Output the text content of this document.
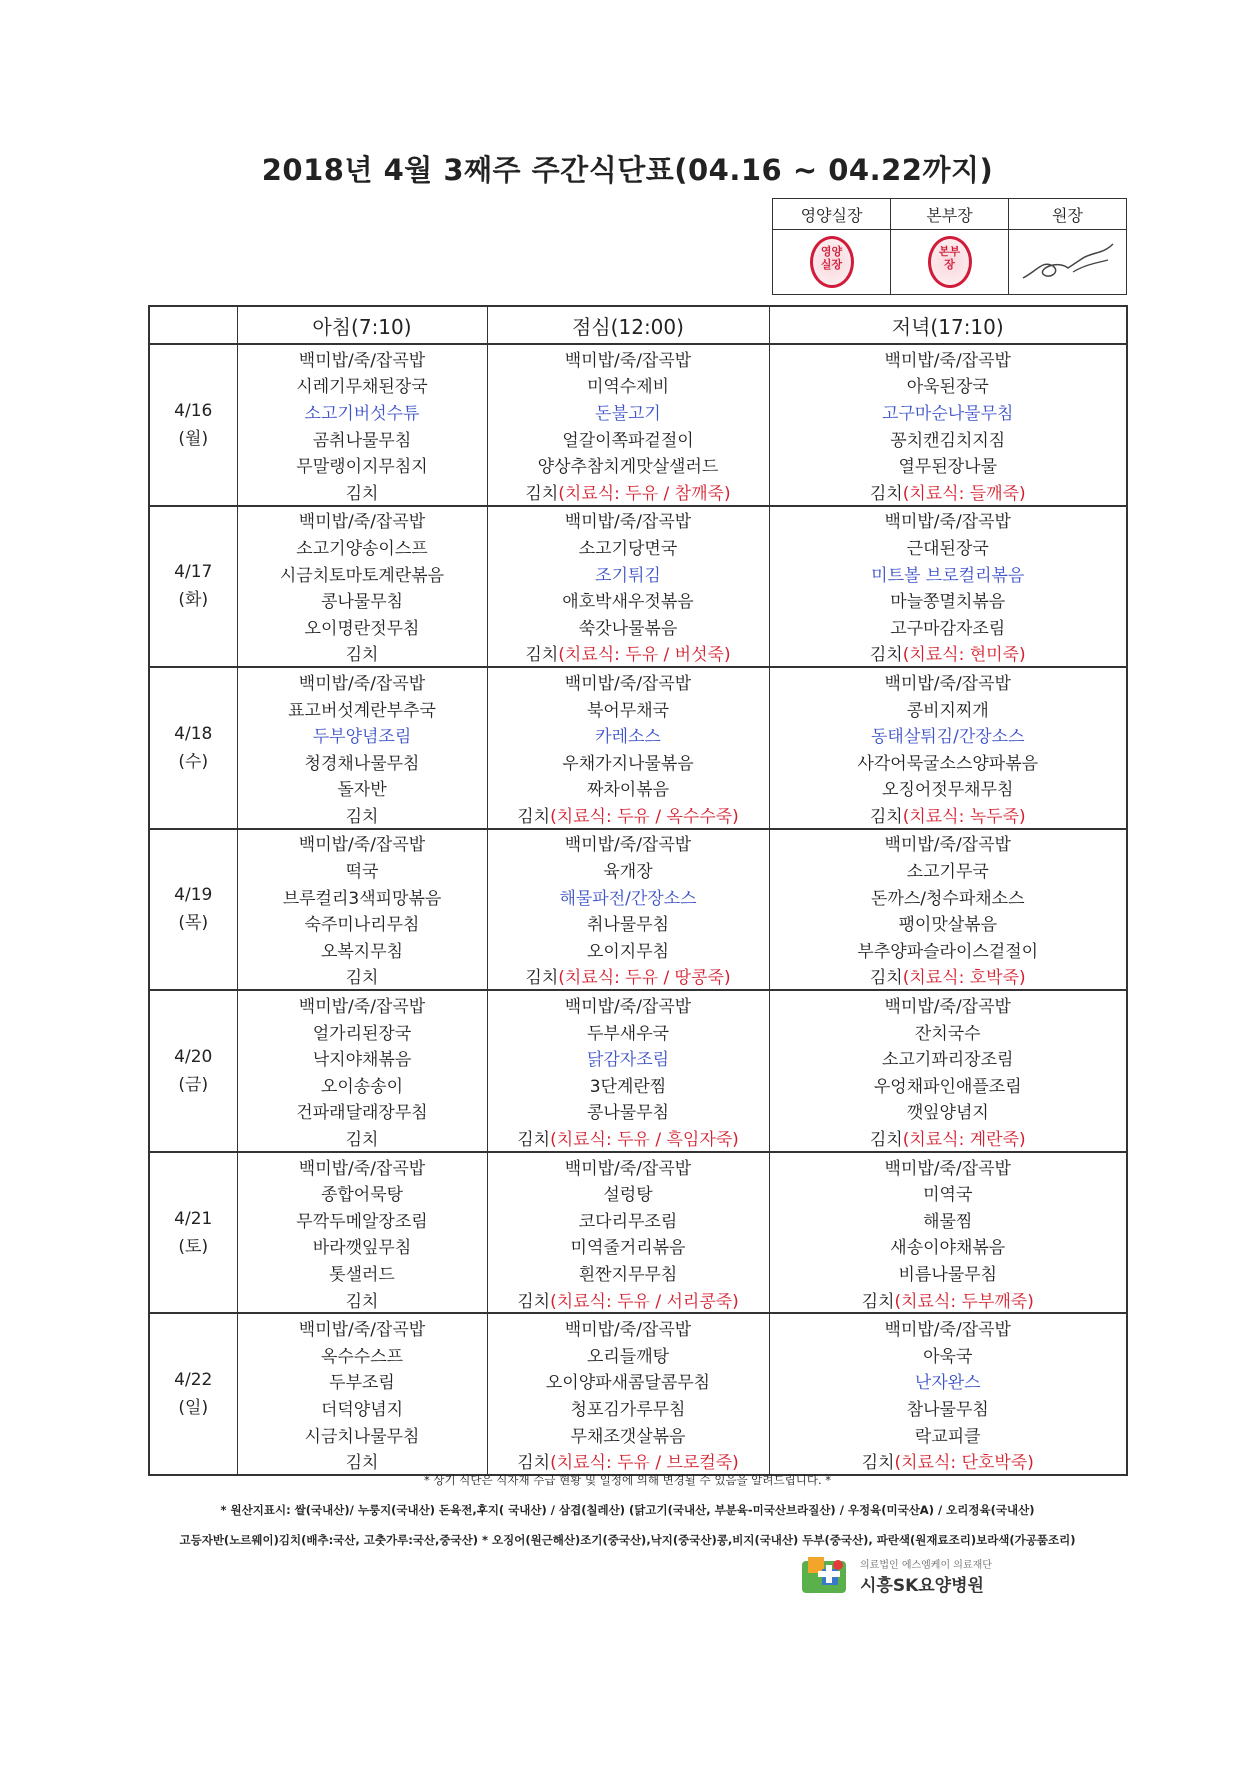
2018년 4월 3째주 주간식단표(04.16 ~ 04.22까지)
영양실장	본부장	원장
영양
실장	본부
장	
	아침(7:10)	점심(12:00)	저녁(17:10)

4/16
(월)	백미밥/죽/잡곡밥	백미밥/죽/잡곡밥	백미밥/죽/잡곡밥
	시레기무채된장국	미역수제비	아욱된장국
	소고기버섯수튜	돈불고기	고구마순나물무침
	곰취나물무침	얼갈이쪽파겉절이	꽁치캔김치지짐
	무말랭이지무침지	양상추참치게맛살샐러드	열무된장나물
	김치	김치(치료식: 두유 / 참깨죽)	김치(치료식: 들깨죽)

4/17
(화)	백미밥/죽/잡곡밥	백미밥/죽/잡곡밥	백미밥/죽/잡곡밥
	소고기양송이스프	소고기당면국	근대된장국
	시금치토마토계란볶음	조기튀김	미트볼 브로컬리볶음
	콩나물무침	애호박새우젓볶음	마늘쫑멸치볶음
	오이명란젓무침	쑥갓나물볶음	고구마감자조림
	김치	김치(치료식: 두유 / 버섯죽)	김치(치료식: 현미죽)

4/18
(수)	백미밥/죽/잡곡밥	백미밥/죽/잡곡밥	백미밥/죽/잡곡밥
	표고버섯계란부추국	북어무채국	콩비지찌개
	두부양념조림	카레소스	동태살튀김/간장소스
	청경채나물무침	우채가지나물볶음	사각어묵굴소스양파볶음
	돌자반	짜차이볶음	오징어젓무채무침
	김치	김치(치료식: 두유 / 옥수수죽)	김치(치료식: 녹두죽)

4/19
(목)	백미밥/죽/잡곡밥	백미밥/죽/잡곡밥	백미밥/죽/잡곡밥
	떡국	육개장	소고기무국
	브루컬리3색피망볶음	해물파전/간장소스	돈까스/청수파채소스
	숙주미나리무침	취나물무침	팽이맛살볶음
	오복지무침	오이지무침	부추양파슬라이스겉절이
	김치	김치(치료식: 두유 / 땅콩죽)	김치(치료식: 호박죽)

4/20
(금)	백미밥/죽/잡곡밥	백미밥/죽/잡곡밥	백미밥/죽/잡곡밥
	얼가리된장국	두부새우국	잔치국수
	낙지야채볶음	닭감자조림	소고기꽈리장조림
	오이송송이	3단계란찜	우엉채파인애플조림
	건파래달래장무침	콩나물무침	깻잎양념지
	김치	김치(치료식: 두유 / 흑임자죽)	김치(치료식: 계란죽)

4/21
(토)	백미밥/죽/잡곡밥	백미밥/죽/잡곡밥	백미밥/죽/잡곡밥
	종합어묵탕	설렁탕	미역국
	무깍두메알장조림	코다리무조림	해물찜
	바라깻잎무침	미역줄거리볶음	새송이야채볶음
	톳샐러드	흰짠지무무침	비름나물무침
	김치	김치(치료식: 두유 / 서리콩죽)	김치(치료식: 두부깨죽)

4/22
(일)	백미밥/죽/잡곡밥	백미밥/죽/잡곡밥	백미밥/죽/잡곡밥
	옥수수스프	오리들깨탕	아욱국
	두부조림	오이양파새콤달콤무침	난자완스
	더덕양념지	청포김가루무침	참나물무침
	시금치나물무침	무채조갯살볶음	락교피클
	김치	김치(치료식: 두유 / 브로컬죽)	김치(치료식: 단호박죽)
* 상기 식단은 식자재 수급 현황 및 일정에 의해 변경될 수 있음을 알려드립니다. *
* 원산지표시: 쌀(국내산)/ 누룽지(국내산) 돈육전,후지( 국내산) / 삼겹(칠레산) (닭고기(국내산, 부분육-미국산브라질산) / 우정육(미국산A) / 오리정육(국내산)
고등자반(노르웨이)김치(배추:국산, 고춧가루:국산,중국산) * 오징어(원근해산)조기(중국산),낙지(중국산)콩,비지(국내산) 두부(중국산), 파란색(원재료조리)보라색(가공품조리)
의료법인 에스엠케이 의료재단
시흥SK요양병원
